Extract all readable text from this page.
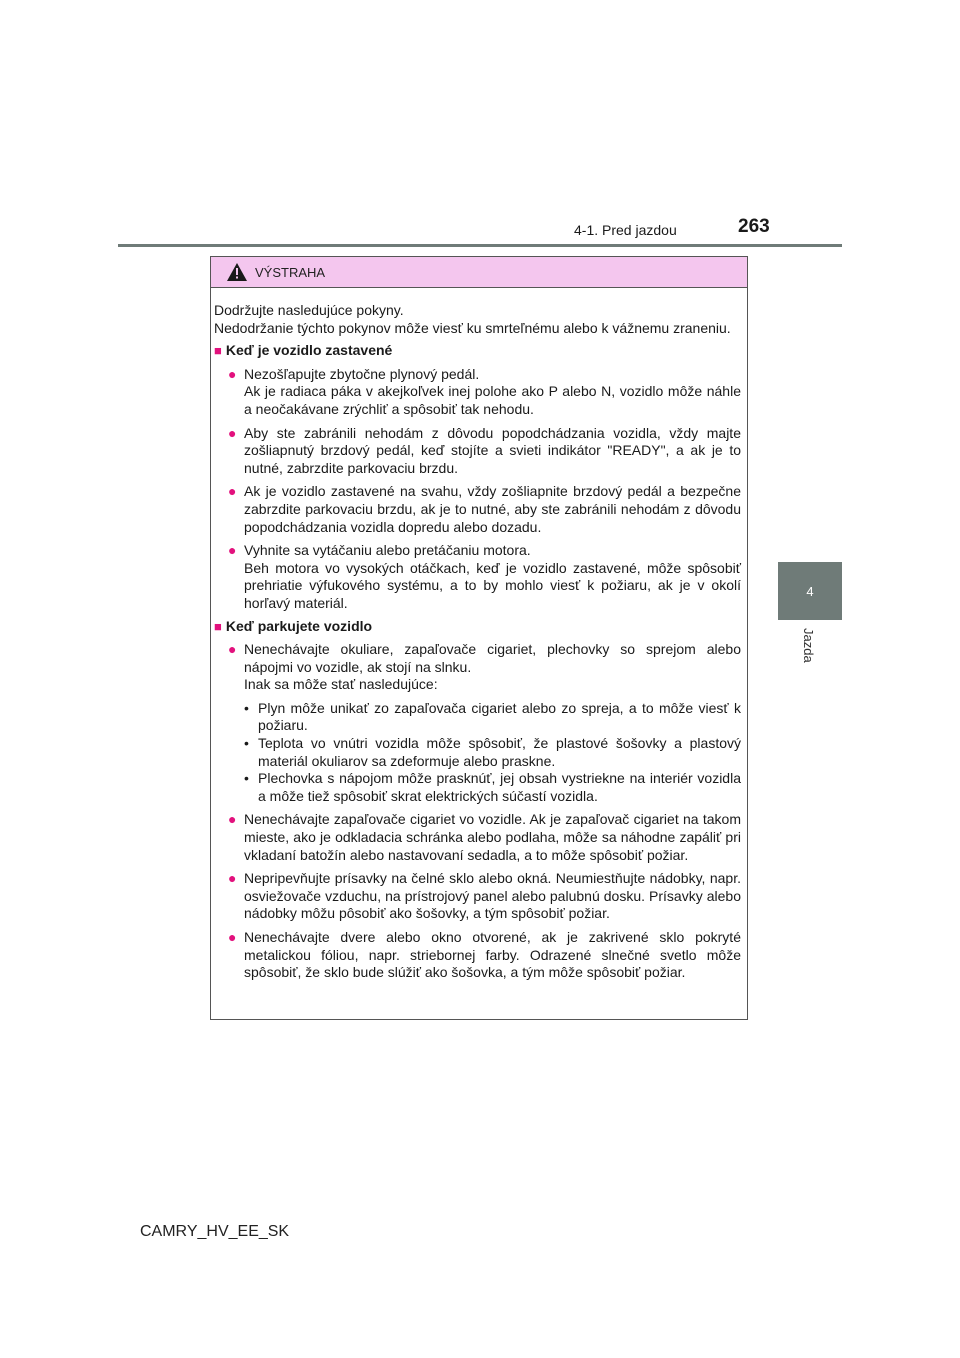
4-1. Pred jazdou	263
4
Jazda
VÝSTRAHA

Dodržujte nasledujúce pokyny.

Nedodržanie týchto pokynov môže viesť ku smrteľnému alebo k vážnemu zraneniu.

■ Keď je vozidlo zastavené
● Nezošľapujte zbytočne plynový pedál.

Ak je radiaca páka v akejkoľvek inej polohe ako P alebo N, vozidlo môže náhle a neočakávane zrýchliť a spôsobiť tak nehodu.

● Aby ste zabránili nehodám z dôvodu popodchádzania vozidla, vždy majte zošliapnutý brzdový pedál, keď stojíte a svieti indikátor "READY", a ak je to nutné, zabrzdite parkovaciu brzdu.

● Ak je vozidlo zastavené na svahu, vždy zošliapnite brzdový pedál a bezpečne zabrzdite parkovaciu brzdu, ak je to nutné, aby ste zabránili nehodám z dôvodu popodchádzania vozidla dopredu alebo dozadu.

● Vyhnite sa vytáčaniu alebo pretáčaniu motora.

Beh motora vo vysokých otáčkach, keď je vozidlo zastavené, môže spôsobiť prehriatie výfukového systému, a to by mohlo viesť k požiaru, ak je v okolí horľavý materiál.

■ Keď parkujete vozidlo
● Nenechávajte okuliare, zapaľovače cigariet, plechovky so sprejom alebo nápojmi vo vozidle, ak stojí na slnku.

Inak sa môže stať nasledujúce:

• Plyn môže unikať zo zapaľovača cigariet alebo zo spreja, a to môže viesť k požiaru.
• Teplota vo vnútri vozidla môže spôsobiť, že plastové šošovky a plastový materiál okuliarov sa zdeformuje alebo praskne.
• Plechovka s nápojom môže prasknúť, jej obsah vystriekne na interiér vozidla a môže tiež spôsobiť skrat elektrických súčastí vozidla.
● Nenechávajte zapaľovače cigariet vo vozidle. Ak je zapaľovač cigariet na takom mieste, ako je odkladacia schránka alebo podlaha, môže sa náhodne zapáliť pri vkladaní batožín alebo nastavovaní sedadla, a to môže spôsobiť požiar.

● Nepripevňujte prísavky na čelné sklo alebo okná. Neumiestňujte nádobky, napr. osviežovače vzduchu, na prístrojový panel alebo palubnú dosku. Prísavky alebo nádobky môžu pôsobiť ako šošovky, a tým spôsobiť požiar.

● Nenechávajte dvere alebo okno otvorené, ak je zakrivené sklo pokryté metalickou fóliou, napr. striebornej farby. Odrazené slnečné svetlo môže spôsobiť, že sklo bude slúžiť ako šošovka, a tým môže spôsobiť požiar.

CAMRY_HV_EE_SK
